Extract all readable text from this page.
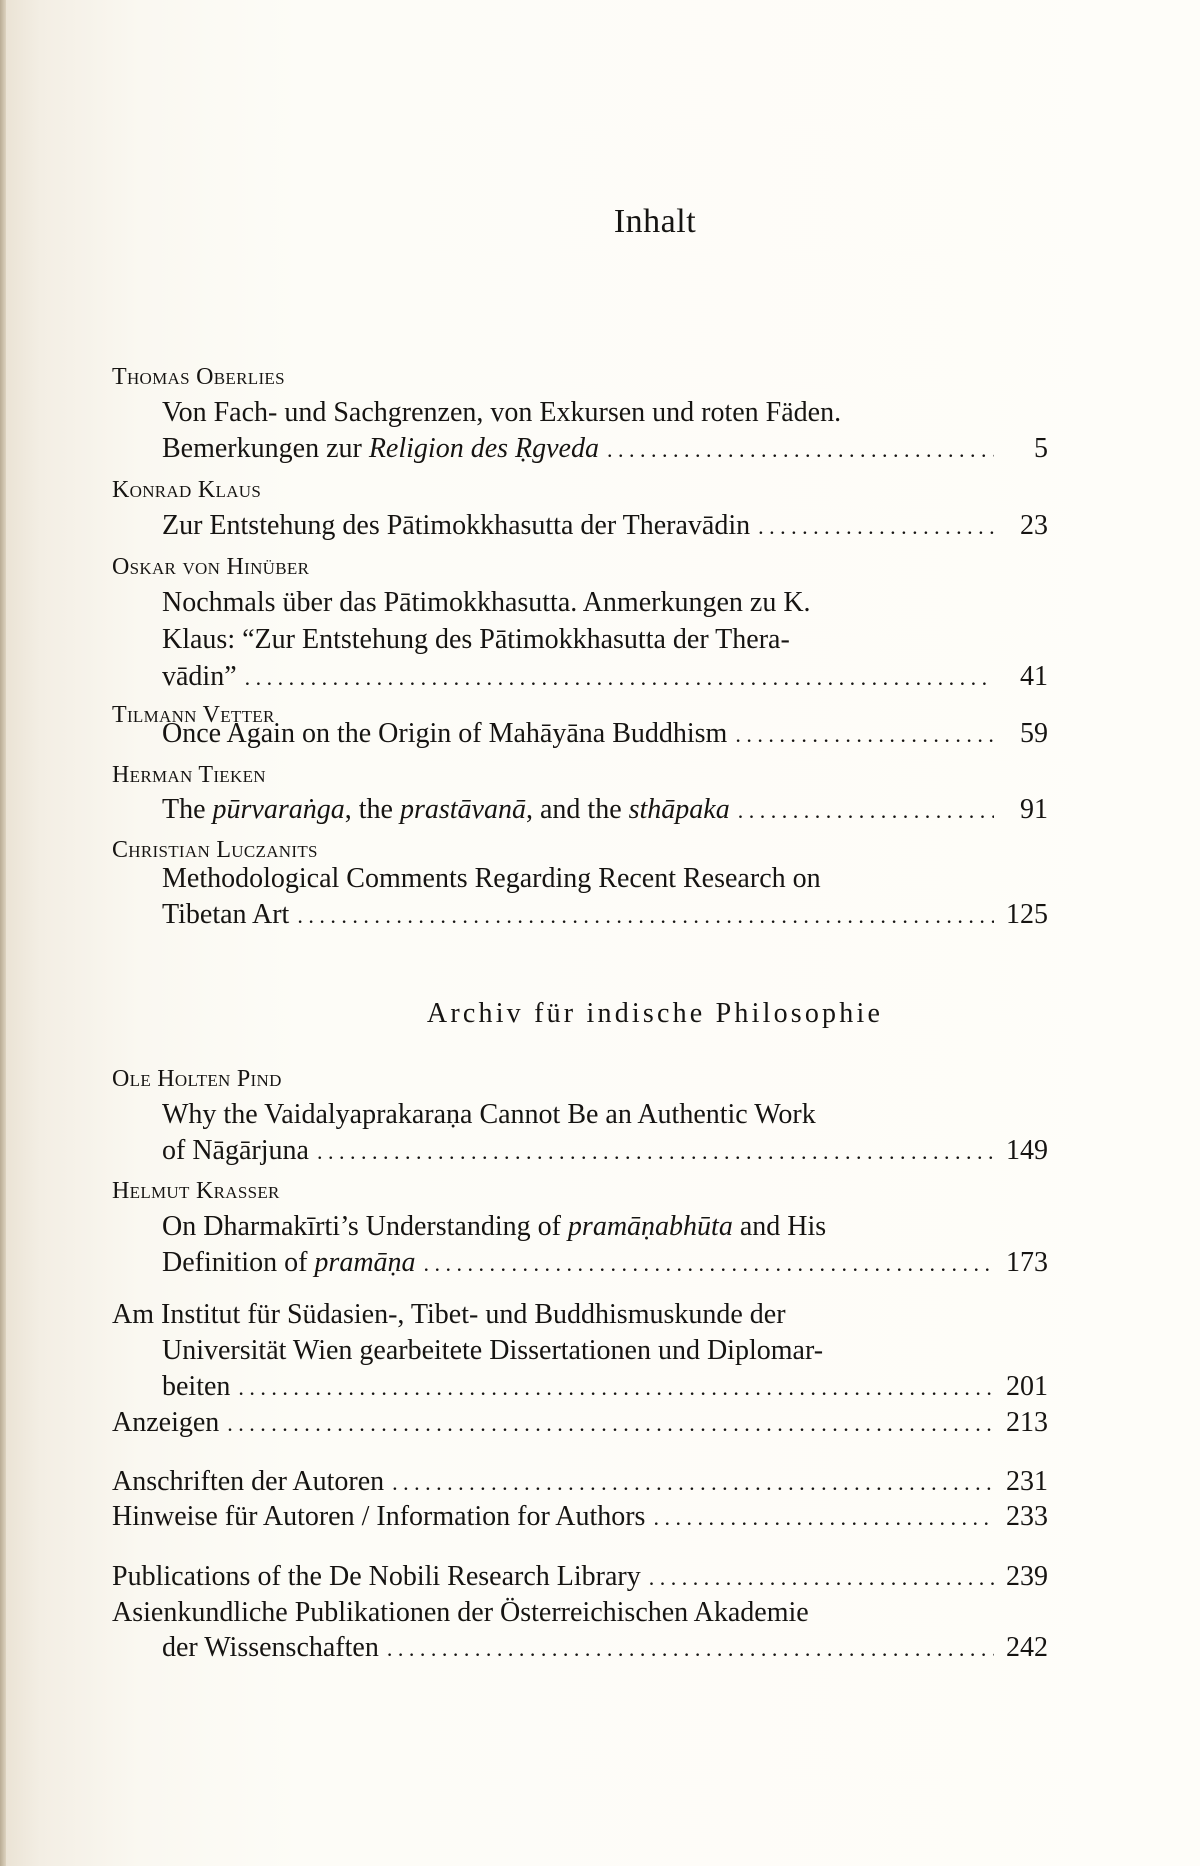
Inhalt
Thomas Oberlies
Von Fach- und Sachgrenzen, von Exkursen und roten Fäden.
Bemerkungen zur Religion des Ṛgveda . . .	5
Konrad Klaus
Zur Entstehung des Pātimokkhasutta der Theravādin . . .	23
Oskar von Hinüber
Nochmals über das Pātimokkhasutta. Anmerkungen zu K.
Klaus: “Zur Entstehung des Pātimokkhasutta der Thera-
vādin” . . .	41
Tilmann Vetter
Once Again on the Origin of Mahāyāna Buddhism . . .	59
Herman Tieken
The pūrvaraṅga, the prastāvanā, and the sthāpaka . . .	91
Christian Luczanits
Methodological Comments Regarding Recent Research on
Tibetan Art . . .	125
Archiv für indische Philosophie
Ole Holten Pind
Why the Vaidalyaprakaraṇa Cannot Be an Authentic Work
of Nāgārjuna . . .	149
Helmut Krasser
On Dharmakīrti’s Understanding of pramāṇabhūta and His
Definition of pramāṇa . . .	173
Am Institut für Südasien-, Tibet- und Buddhismuskunde der
Universität Wien gearbeitete Dissertationen und Diplomar-
beiten . . .	201
Anzeigen . . .	213
Anschriften der Autoren . . .	231
Hinweise für Autoren / Information for Authors . . .	233
Publications of the De Nobili Research Library . . .	239
Asienkundliche Publikationen der Österreichischen Akademie
der Wissenschaften . . .	242
